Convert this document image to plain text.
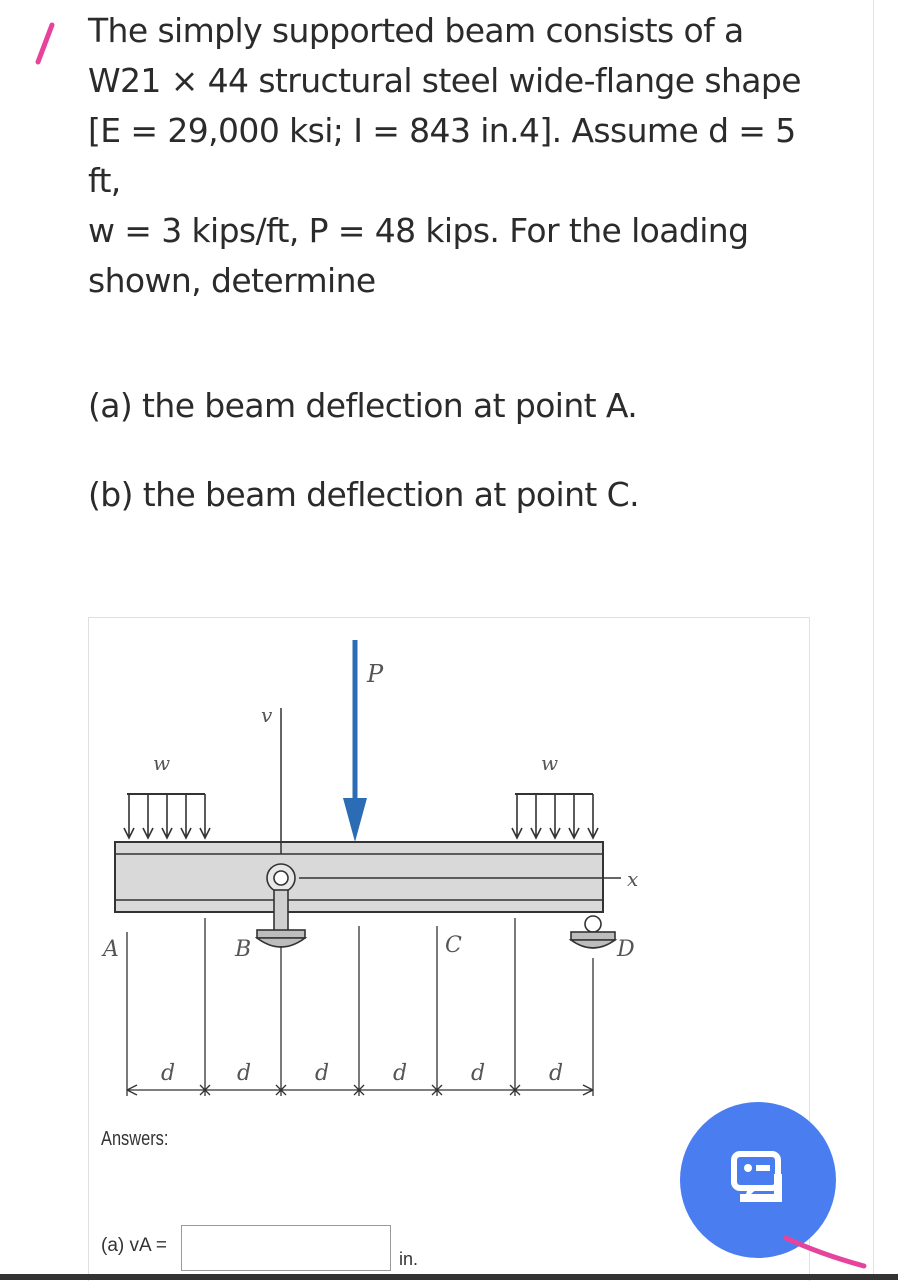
The simply supported beam consists of a
W21 × 44 structural steel wide-flange shape
[E = 29,000 ksi; I = 843 in.4]. Assume d = 5 ft,
w = 3 kips/ft, P = 48 kips. For the loading
shown, determine

(a) the beam deflection at point A.
(b) the beam deflection at point C.
v
x
P
w	w
B	D
A	C
d	d	d	d	d	d
Answers:
(a) vA =
in.
